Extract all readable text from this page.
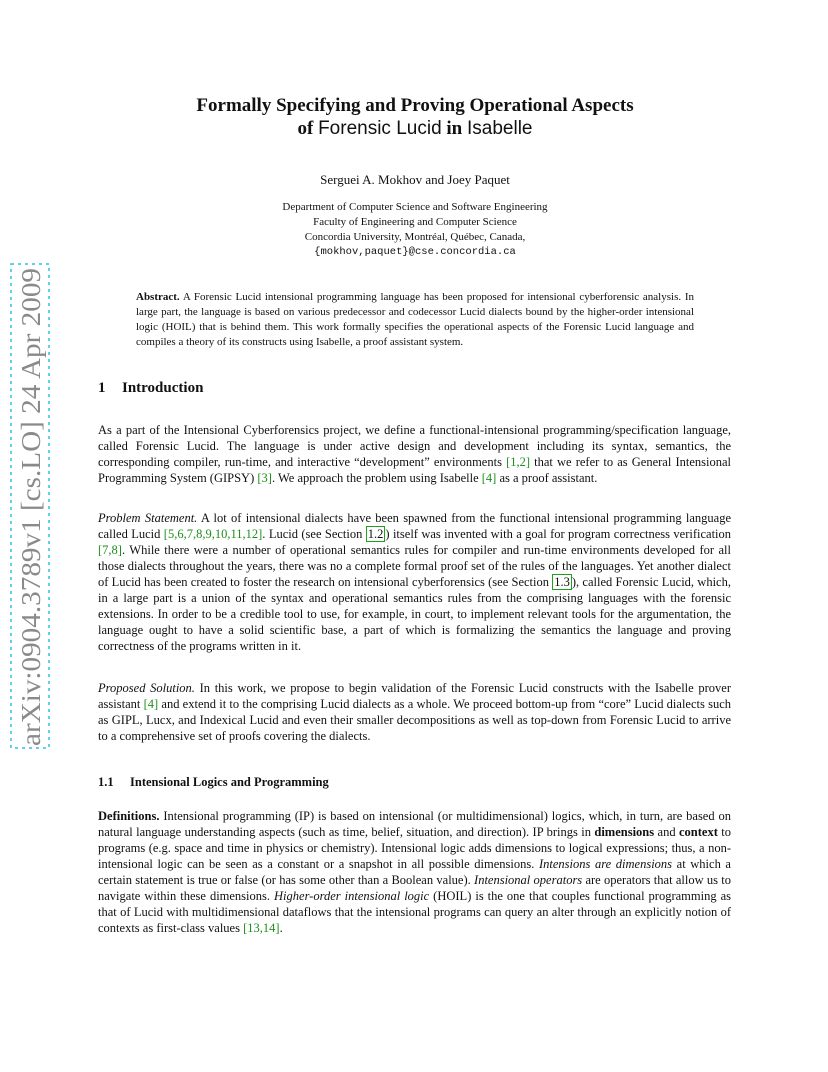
arXiv:0904.3789v1 [cs.LO] 24 Apr 2009
Formally Specifying and Proving Operational Aspects
of Forensic Lucid in Isabelle
Serguei A. Mokhov and Joey Paquet
Department of Computer Science and Software Engineering
Faculty of Engineering and Computer Science
Concordia University, Montréal, Québec, Canada,
{mokhov,paquet}@cse.concordia.ca
Abstract. A Forensic Lucid intensional programming language has been proposed for intensional cyberforensic analysis. In large part, the language is based on various predecessor and codecessor Lucid dialects bound by the higher-order intensional logic (HOIL) that is behind them. This work formally specifies the operational aspects of the Forensic Lucid language and compiles a theory of its constructs using Isabelle, a proof assistant system.
1 Introduction
As a part of the Intensional Cyberforensics project, we define a functional-intensional programming/specification language, called Forensic Lucid. The language is under active design and development including its syntax, semantics, the corresponding compiler, run-time, and interactive “development” environments [1,2] that we refer to as General Intensional Programming System (GIPSY) [3]. We approach the problem using Isabelle [4] as a proof assistant.
Problem Statement. A lot of intensional dialects have been spawned from the functional intensional programming language called Lucid [5,6,7,8,9,10,11,12]. Lucid (see Section 1.2 ) itself was invented with a goal for program correctness verification [7,8]. While there were a number of operational semantics rules for compiler and run-time environments developed for all those dialects throughout the years, there was no a complete formal proof set of the rules of the languages. Yet another dialect of Lucid has been created to foster the research on intensional cyberforensics (see Section 1.3 ), called Forensic Lucid, which, in a large part is a union of the syntax and operational semantics rules from the comprising languages with the forensic extensions. In order to be a credible tool to use, for example, in court, to implement relevant tools for the argumentation, the language ought to have a solid scientific base, a part of which is formalizing the semantics the language and proving correctness of the programs written in it.
Proposed Solution. In this work, we propose to begin validation of the Forensic Lucid constructs with the Isabelle prover assistant [4] and extend it to the comprising Lucid dialects as a whole. We proceed bottom-up from “core” Lucid dialects such as GIPL, Lucx, and Indexical Lucid and even their smaller decompositions as well as top-down from Forensic Lucid to arrive to a comprehensive set of proofs covering the dialects.
1.1 Intensional Logics and Programming
Definitions. Intensional programming (IP) is based on intensional (or multidimensional) logics, which, in turn, are based on natural language understanding aspects (such as time, belief, situation, and direction). IP brings in dimensions and context to programs (e.g. space and time in physics or chemistry). Intensional logic adds dimensions to logical expressions; thus, a non-intensional logic can be seen as a constant or a snapshot in all possible dimensions. Intensions are dimensions at which a certain statement is true or false (or has some other than a Boolean value). Intensional operators are operators that allow us to navigate within these dimensions. Higher-order intensional logic (HOIL) is the one that couples functional programming as that of Lucid with multidimensional dataflows that the intensional programs can query an alter through an explicitly notion of contexts as first-class values [13,14].
